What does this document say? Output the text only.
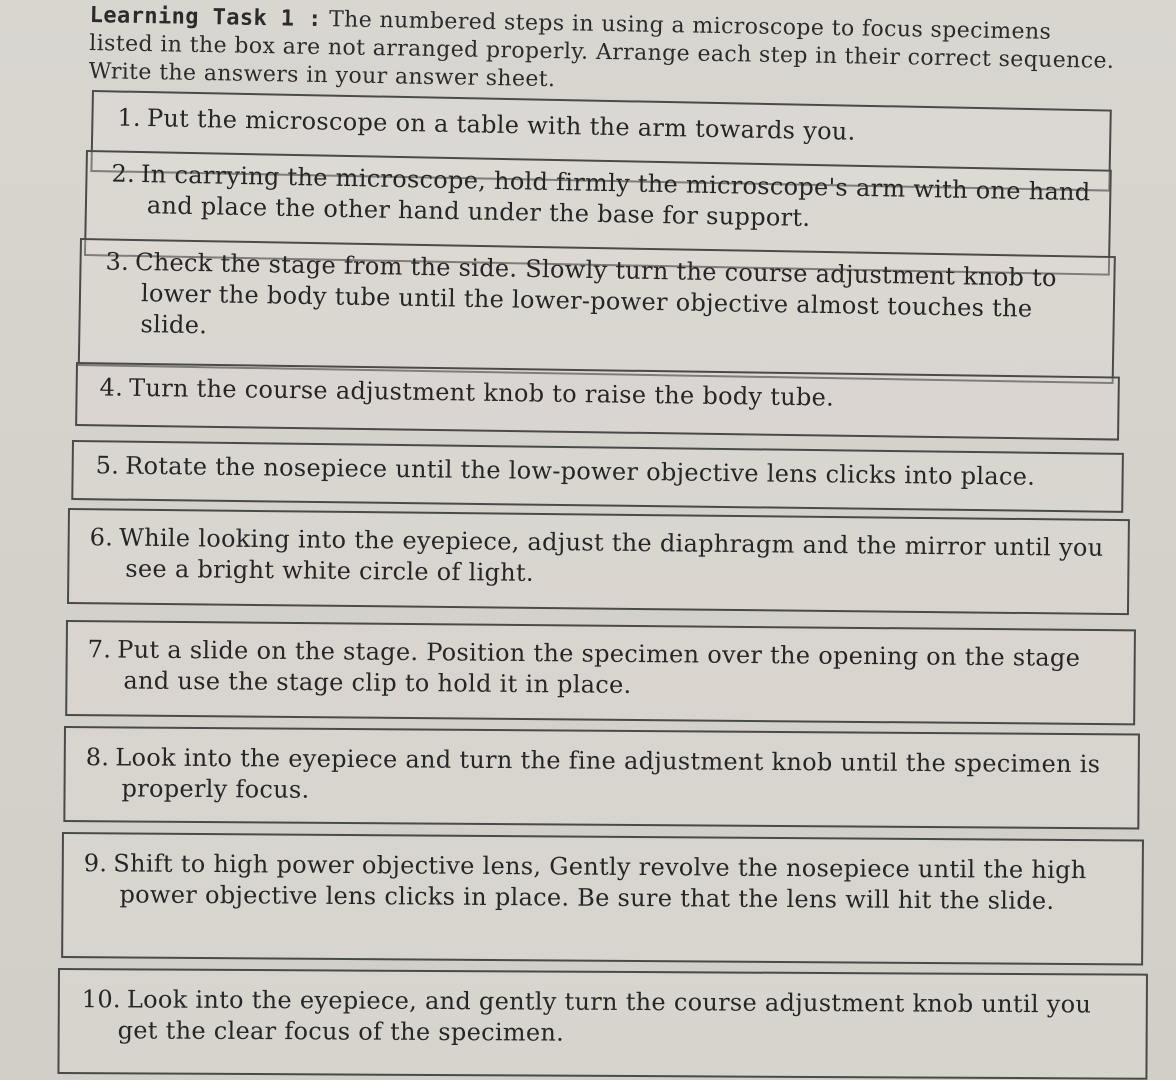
Learning Task 1 : The numbered steps in using a microscope to focus specimens listed in the box are not arranged properly. Arrange each step in their correct sequence. Write the answers in your answer sheet.
1. Put the microscope on a table with the arm towards you.
2. In carrying the microscope, hold firmly the microscope's arm with one hand and place the other hand under the base for support.
3. Check the stage from the side. Slowly turn the course adjustment knob to lower the body tube until the lower-power objective almost touches the slide.
4. Turn the course adjustment knob to raise the body tube.
5. Rotate the nosepiece until the low-power objective lens clicks into place.
6. While looking into the eyepiece, adjust the diaphragm and the mirror until you see a bright white circle of light.
7. Put a slide on the stage. Position the specimen over the opening on the stage and use the stage clip to hold it in place.
8. Look into the eyepiece and turn the fine adjustment knob until the specimen is properly focus.
9. Shift to high power objective lens, Gently revolve the nosepiece until the high power objective lens clicks in place. Be sure that the lens will hit the slide.
10. Look into the eyepiece, and gently turn the course adjustment knob until you get the clear focus of the specimen.
